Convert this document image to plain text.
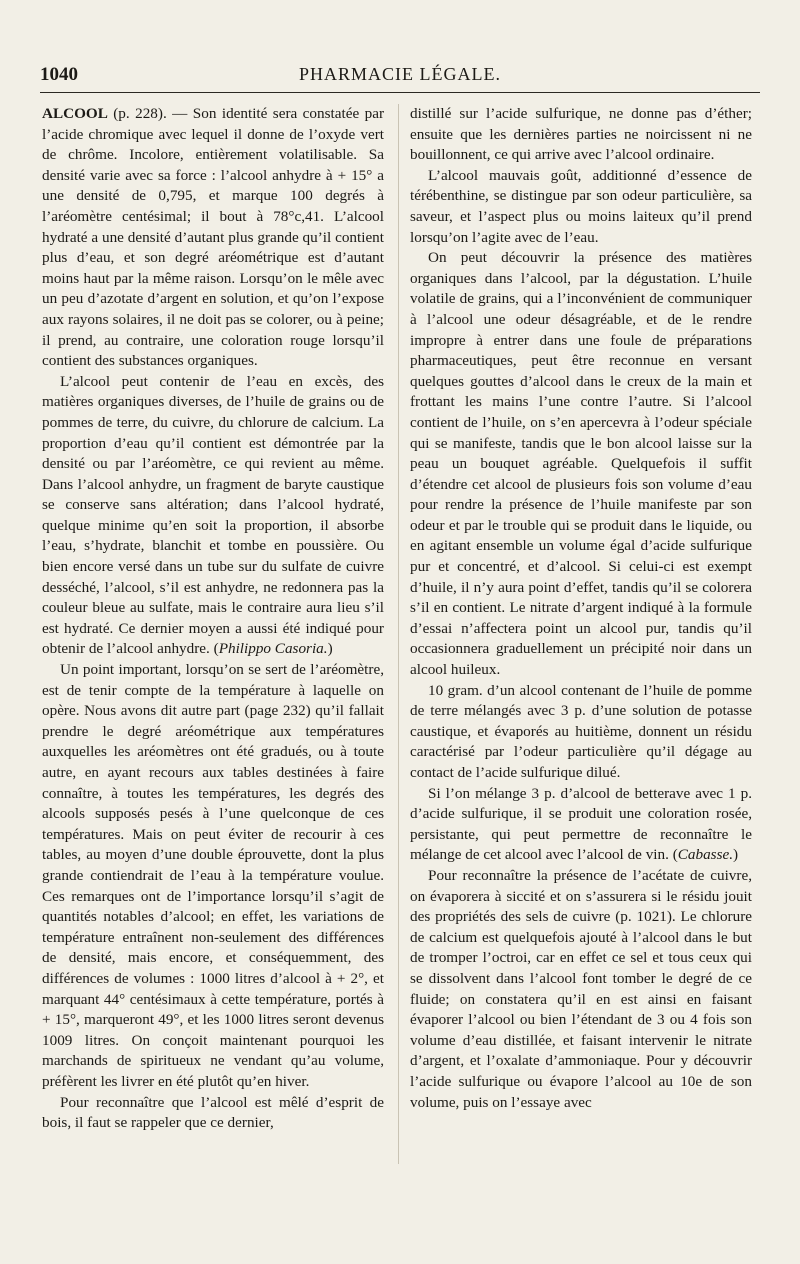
1040	PHARMACIE LÉGALE.

ALCOOL (p. 228). — Son identité sera constatée par l’acide chromique avec lequel il donne de l’oxyde vert de chrôme. Incolore, entièrement volatilisable. Sa densité varie avec sa force : l’alcool anhydre à + 15° a une densité de 0,795, et marque 100 degrés à l’aréomètre centésimal; il bout à 78°c,41. L’alcool hydraté a une densité d’autant plus grande qu’il contient plus d’eau, et son degré aréométrique est d’autant moins haut par la même raison. Lorsqu’on le mêle avec un peu d’azotate d’argent en solution, et qu’on l’expose aux rayons solaires, il ne doit pas se colorer, ou à peine; il prend, au contraire, une coloration rouge lorsqu’il contient des substances organiques.

L’alcool peut contenir de l’eau en excès, des matières organiques diverses, de l’huile de grains ou de pommes de terre, du cuivre, du chlorure de calcium. La proportion d’eau qu’il contient est démontrée par la densité ou par l’aréomètre, ce qui revient au même. Dans l’alcool anhydre, un fragment de baryte caustique se conserve sans altération; dans l’alcool hydraté, quelque minime qu’en soit la proportion, il absorbe l’eau, s’hydrate, blanchit et tombe en poussière. Ou bien encore versé dans un tube sur du sulfate de cuivre desséché, l’alcool, s’il est anhydre, ne redonnera pas la couleur bleue au sulfate, mais le contraire aura lieu s’il est hydraté. Ce dernier moyen a aussi été indiqué pour obtenir de l’alcool anhydre. (Philippo Casoria.)

Un point important, lorsqu’on se sert de l’aréomètre, est de tenir compte de la température à laquelle on opère. Nous avons dit autre part (page 232) qu’il fallait prendre le degré aréométrique aux températures auxquelles les aréomètres ont été gradués, ou à toute autre, en ayant recours aux tables destinées à faire connaître, à toutes les températures, les degrés des alcools supposés pesés à l’une quelconque de ces températures. Mais on peut éviter de recourir à ces tables, au moyen d’une double éprouvette, dont la plus grande contiendrait de l’eau à la température voulue. Ces remarques ont de l’importance lorsqu’il s’agit de quantités notables d’alcool; en effet, les variations de température entraînent non-seulement des différences de densité, mais encore, et conséquemment, des différences de volumes : 1000 litres d’alcool à + 2°, et marquant 44° centésimaux à cette température, portés à + 15°, marqueront 49°, et les 1000 litres seront devenus 1009 litres. On conçoit maintenant pourquoi les marchands de spiritueux ne vendant qu’au volume, préfèrent les livrer en été plutôt qu’en hiver.

Pour reconnaître que l’alcool est mêlé d’esprit de bois, il faut se rappeler que ce dernier,

distillé sur l’acide sulfurique, ne donne pas d’éther; ensuite que les dernières parties ne noircissent ni ne bouillonnent, ce qui arrive avec l’alcool ordinaire.

L’alcool mauvais goût, additionné d’essence de térébenthine, se distingue par son odeur particulière, sa saveur, et l’aspect plus ou moins laiteux qu’il prend lorsqu’on l’agite avec de l’eau.

On peut découvrir la présence des matières organiques dans l’alcool, par la dégustation. L’huile volatile de grains, qui a l’inconvénient de communiquer à l’alcool une odeur désagréable, et de le rendre impropre à entrer dans une foule de préparations pharmaceutiques, peut être reconnue en versant quelques gouttes d’alcool dans le creux de la main et frottant les mains l’une contre l’autre. Si l’alcool contient de l’huile, on s’en apercevra à l’odeur spéciale qui se manifeste, tandis que le bon alcool laisse sur la peau un bouquet agréable. Quelquefois il suffit d’étendre cet alcool de plusieurs fois son volume d’eau pour rendre la présence de l’huile manifeste par son odeur et par le trouble qui se produit dans le liquide, ou en agitant ensemble un volume égal d’acide sulfurique pur et concentré, et d’alcool. Si celui-ci est exempt d’huile, il n’y aura point d’effet, tandis qu’il se colorera s’il en contient. Le nitrate d’argent indiqué à la formule d’essai n’affectera point un alcool pur, tandis qu’il occasionnera graduellement un précipité noir dans un alcool huileux.

10 gram. d’un alcool contenant de l’huile de pomme de terre mélangés avec 3 p. d’une solution de potasse caustique, et évaporés au huitième, donnent un résidu caractérisé par l’odeur particulière qu’il dégage au contact de l’acide sulfurique dilué.

Si l’on mélange 3 p. d’alcool de betterave avec 1 p. d’acide sulfurique, il se produit une coloration rosée, persistante, qui peut permettre de reconnaître le mélange de cet alcool avec l’alcool de vin. (Cabasse.)

Pour reconnaître la présence de l’acétate de cuivre, on évaporera à siccité et on s’assurera si le résidu jouit des propriétés des sels de cuivre (p. 1021). Le chlorure de calcium est quelquefois ajouté à l’alcool dans le but de tromper l’octroi, car en effet ce sel et tous ceux qui se dissolvent dans l’alcool font tomber le degré de ce fluide; on constatera qu’il en est ainsi en faisant évaporer l’alcool ou bien l’étendant de 3 ou 4 fois son volume d’eau distillée, et faisant intervenir le nitrate d’argent, et l’oxalate d’ammoniaque. Pour y découvrir l’acide sulfurique ou évapore l’alcool au 10e de son volume, puis on l’essaye avec
